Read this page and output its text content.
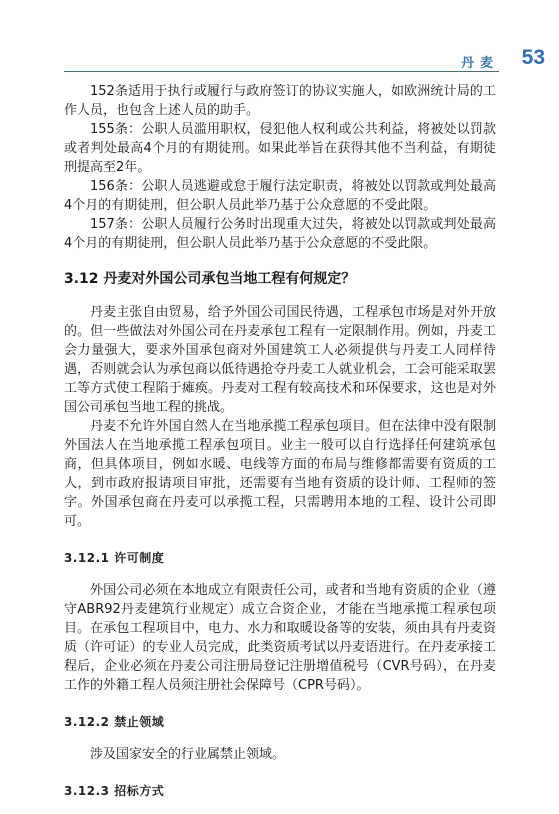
丹麦 53

152条适用于执行或履行与政府签订的协议实施人，如欧洲统计局的工作人员，也包含上述人员的助手。

155条：公职人员滥用职权，侵犯他人权利或公共利益，将被处以罚款或者判处最高4个月的有期徒刑。如果此举旨在获得其他不当利益，有期徒刑提高至2年。

156条：公职人员逃避或怠于履行法定职责，将被处以罚款或判处最高4个月的有期徒刑，但公职人员此举乃基于公众意愿的不受此限。

157条：公职人员履行公务时出现重大过失，将被处以罚款或判处最高4个月的有期徒刑，但公职人员此举乃基于公众意愿的不受此限。

3.12 丹麦对外国公司承包当地工程有何规定？

丹麦主张自由贸易，给予外国公司国民待遇，工程承包市场是对外开放的。但一些做法对外国公司在丹麦承包工程有一定限制作用。例如，丹麦工会力量强大，要求外国承包商对外国建筑工人必须提供与丹麦工人同样待遇，否则就会认为承包商以低待遇抢夺丹麦工人就业机会，工会可能采取罢工等方式使工程陷于瘫痪。丹麦对工程有较高技术和环保要求，这也是对外国公司承包当地工程的挑战。

丹麦不允许外国自然人在当地承揽工程承包项目。但在法律中没有限制外国法人在当地承揽工程承包项目。业主一般可以自行选择任何建筑承包商，但具体项目，例如水暖、电线等方面的布局与维修都需要有资质的工人，到市政府报请项目审批，还需要有当地有资质的设计师、工程师的签字。外国承包商在丹麦可以承揽工程，只需聘用本地的工程、设计公司即可。

3.12.1 许可制度

外国公司必须在本地成立有限责任公司，或者和当地有资质的企业（遵守ABR92丹麦建筑行业规定）成立合资企业，才能在当地承揽工程承包项目。在承包工程项目中，电力、水力和取暖设备等的安装，须由具有丹麦资质（许可证）的专业人员完成，此类资质考试以丹麦语进行。在丹麦承接工程后，企业必须在丹麦公司注册局登记注册增值税号（CVR号码），在丹麦工作的外籍工程人员须注册社会保障号（CPR号码）。

3.12.2 禁止领域

涉及国家安全的行业属禁止领域。

3.12.3 招标方式
